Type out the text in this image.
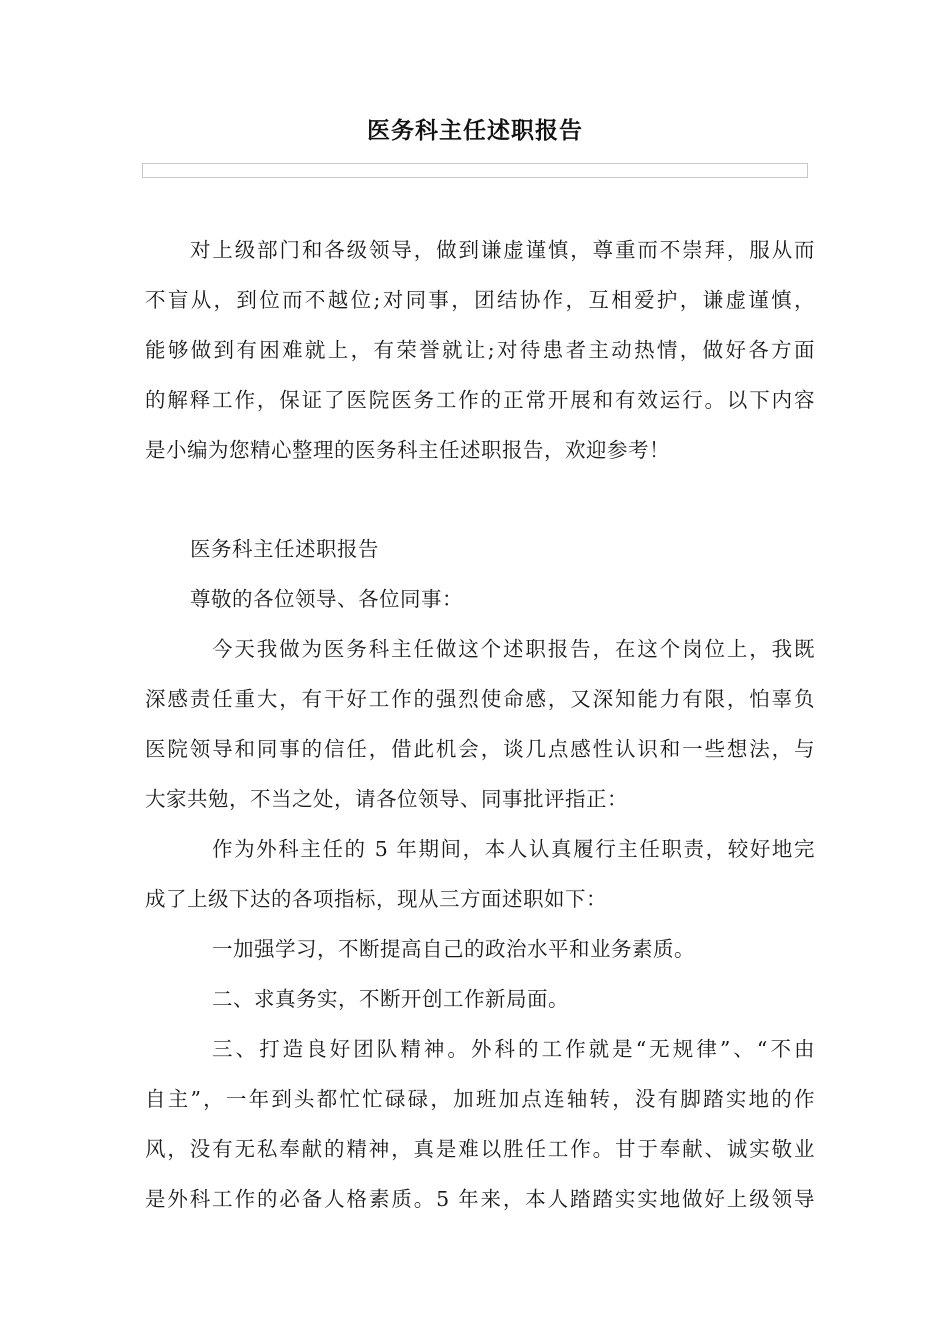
医务科主任述职报告
对上级部门和各级领导，做到谦虚谨慎，尊重而不崇拜，服从而
不盲从，到位而不越位;对同事，团结协作，互相爱护，谦虚谨慎，
能够做到有困难就上，有荣誉就让;对待患者主动热情，做好各方面
的解释工作，保证了医院医务工作的正常开展和有效运行。以下内容
是小编为您精心整理的医务科主任述职报告，欢迎参考！
医务科主任述职报告
尊敬的各位领导、各位同事：
今天我做为医务科主任做这个述职报告，在这个岗位上，我既
深感责任重大，有干好工作的强烈使命感，又深知能力有限，怕辜负
医院领导和同事的信任，借此机会，谈几点感性认识和一些想法，与
大家共勉，不当之处，请各位领导、同事批评指正：
作为外科主任的 5 年期间，本人认真履行主任职责，较好地完
成了上级下达的各项指标，现从三方面述职如下：
一加强学习，不断提高自己的政治水平和业务素质。
二、求真务实，不断开创工作新局面。
三、打造良好团队精神。外科的工作就是“无规律”、“不由
自主”，一年到头都忙忙碌碌，加班加点连轴转，没有脚踏实地的作
风，没有无私奉献的精神，真是难以胜任工作。甘于奉献、诚实敬业
是外科工作的必备人格素质。5 年来，本人踏踏实实地做好上级领导
